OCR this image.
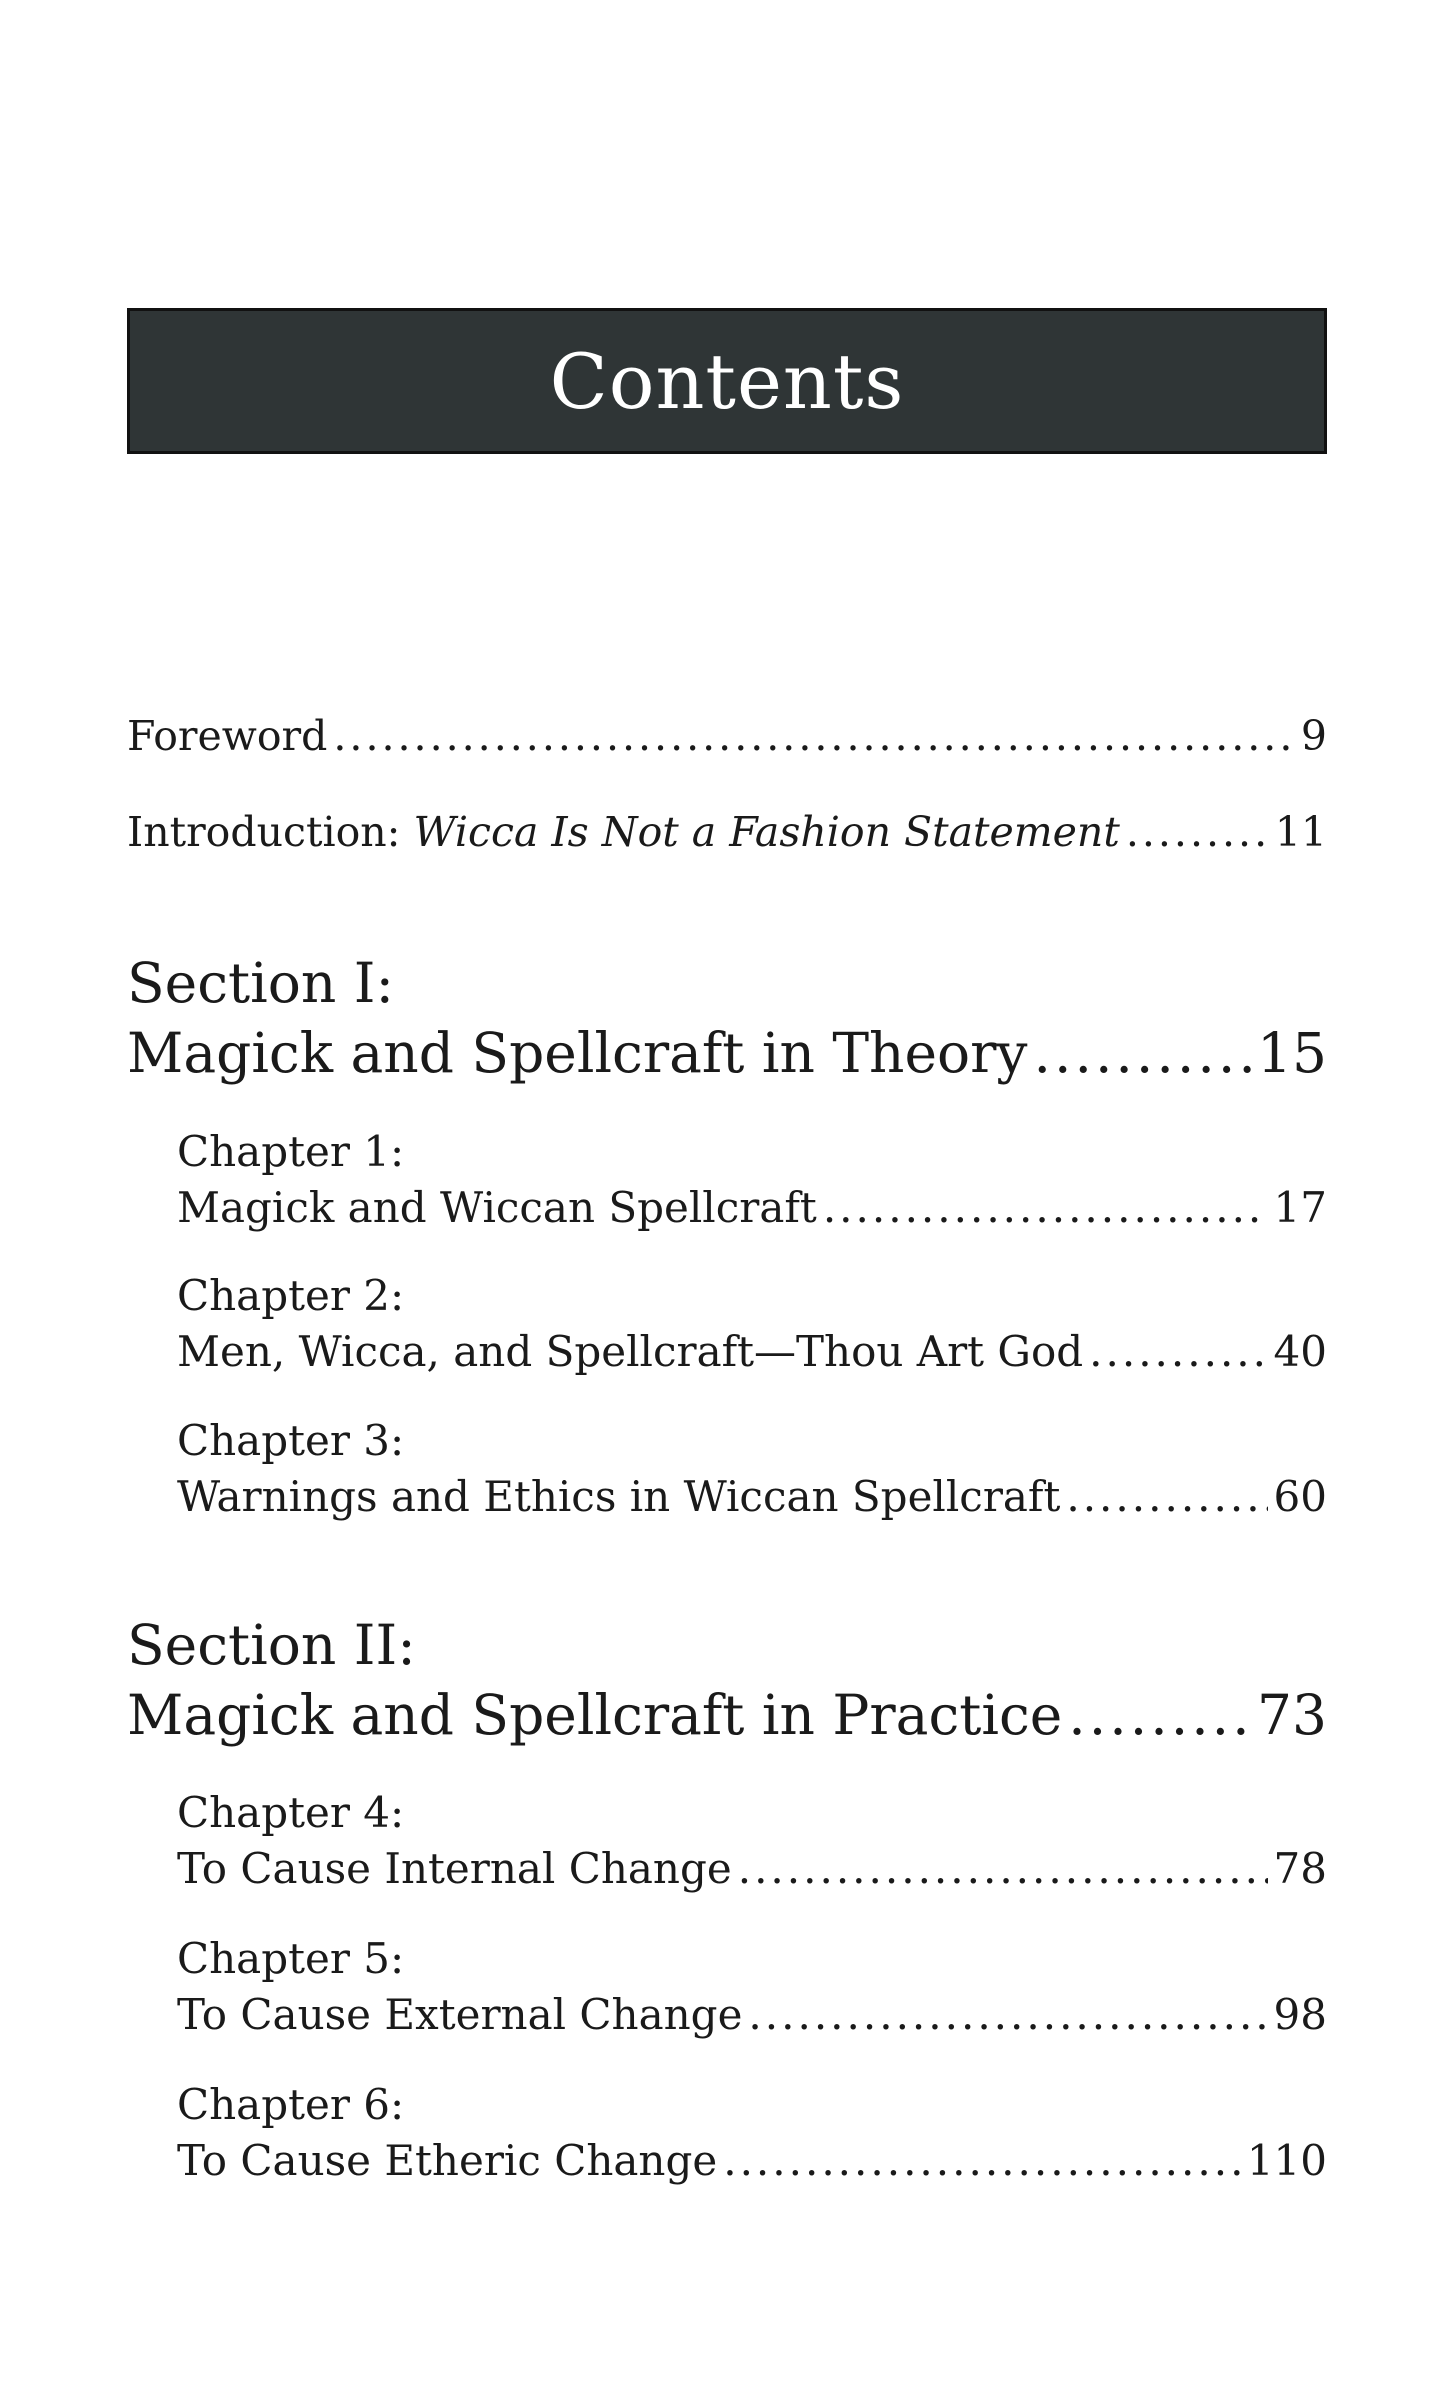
Contents
Foreword .....	9
Introduction: Wicca Is Not a Fashion Statement .....	11
Section I:
Magick and Spellcraft in Theory .....	15
Chapter 1:
Magick and Wiccan Spellcraft .....	17
Chapter 2:
Men, Wicca, and Spellcraft—Thou Art God .....	40
Chapter 3:
Warnings and Ethics in Wiccan Spellcraft .....	60
Section II:
Magick and Spellcraft in Practice .....	73
Chapter 4:
To Cause Internal Change .....	78
Chapter 5:
To Cause External Change .....	98
Chapter 6:
To Cause Etheric Change .....	110
